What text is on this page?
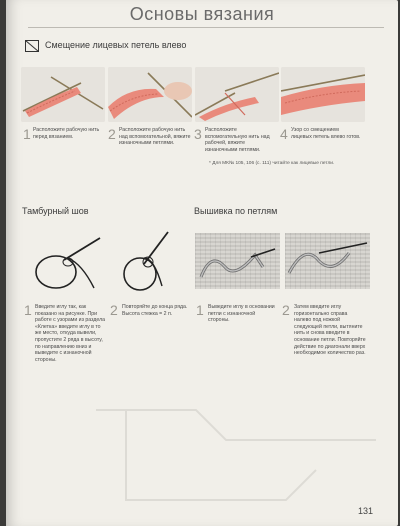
Основы вязания
Смещение лицевых петель влево
1 Расположите рабочую нить перед вязанием.	2 Расположите рабочую нить над вспомогательной, вяжите изнаночными петлями.
3 Расположите вспомогательную нить над рабочей, вяжите изнаночными петлями.
4 Узор со смещением лицевых петель влево готов.
* Для МК№ 105, 106 (с. 111) читайте как лицевые петли.
Тамбурный шов
1 Введите иглу так, как показано на рисунке. При работе с узорами из раздела «Клетка» введите иглу в то же место, откуда вывели, пропустите 2 ряда в высоту, по направлению вниз и выведите с изнаночной стороны.
2 Повторяйте до конца ряда. Высота стежка = 2 п.
Вышивка по петлям
1 Выведите иглу в основании петли с изнаночной стороны.
2 Затем введите иглу горизонтально справа налево под ножкой следующей петли, вытяните нить и снова введите в основание петли. Повторяйте действие по диагонали вверх необходимое количество раз.
131
